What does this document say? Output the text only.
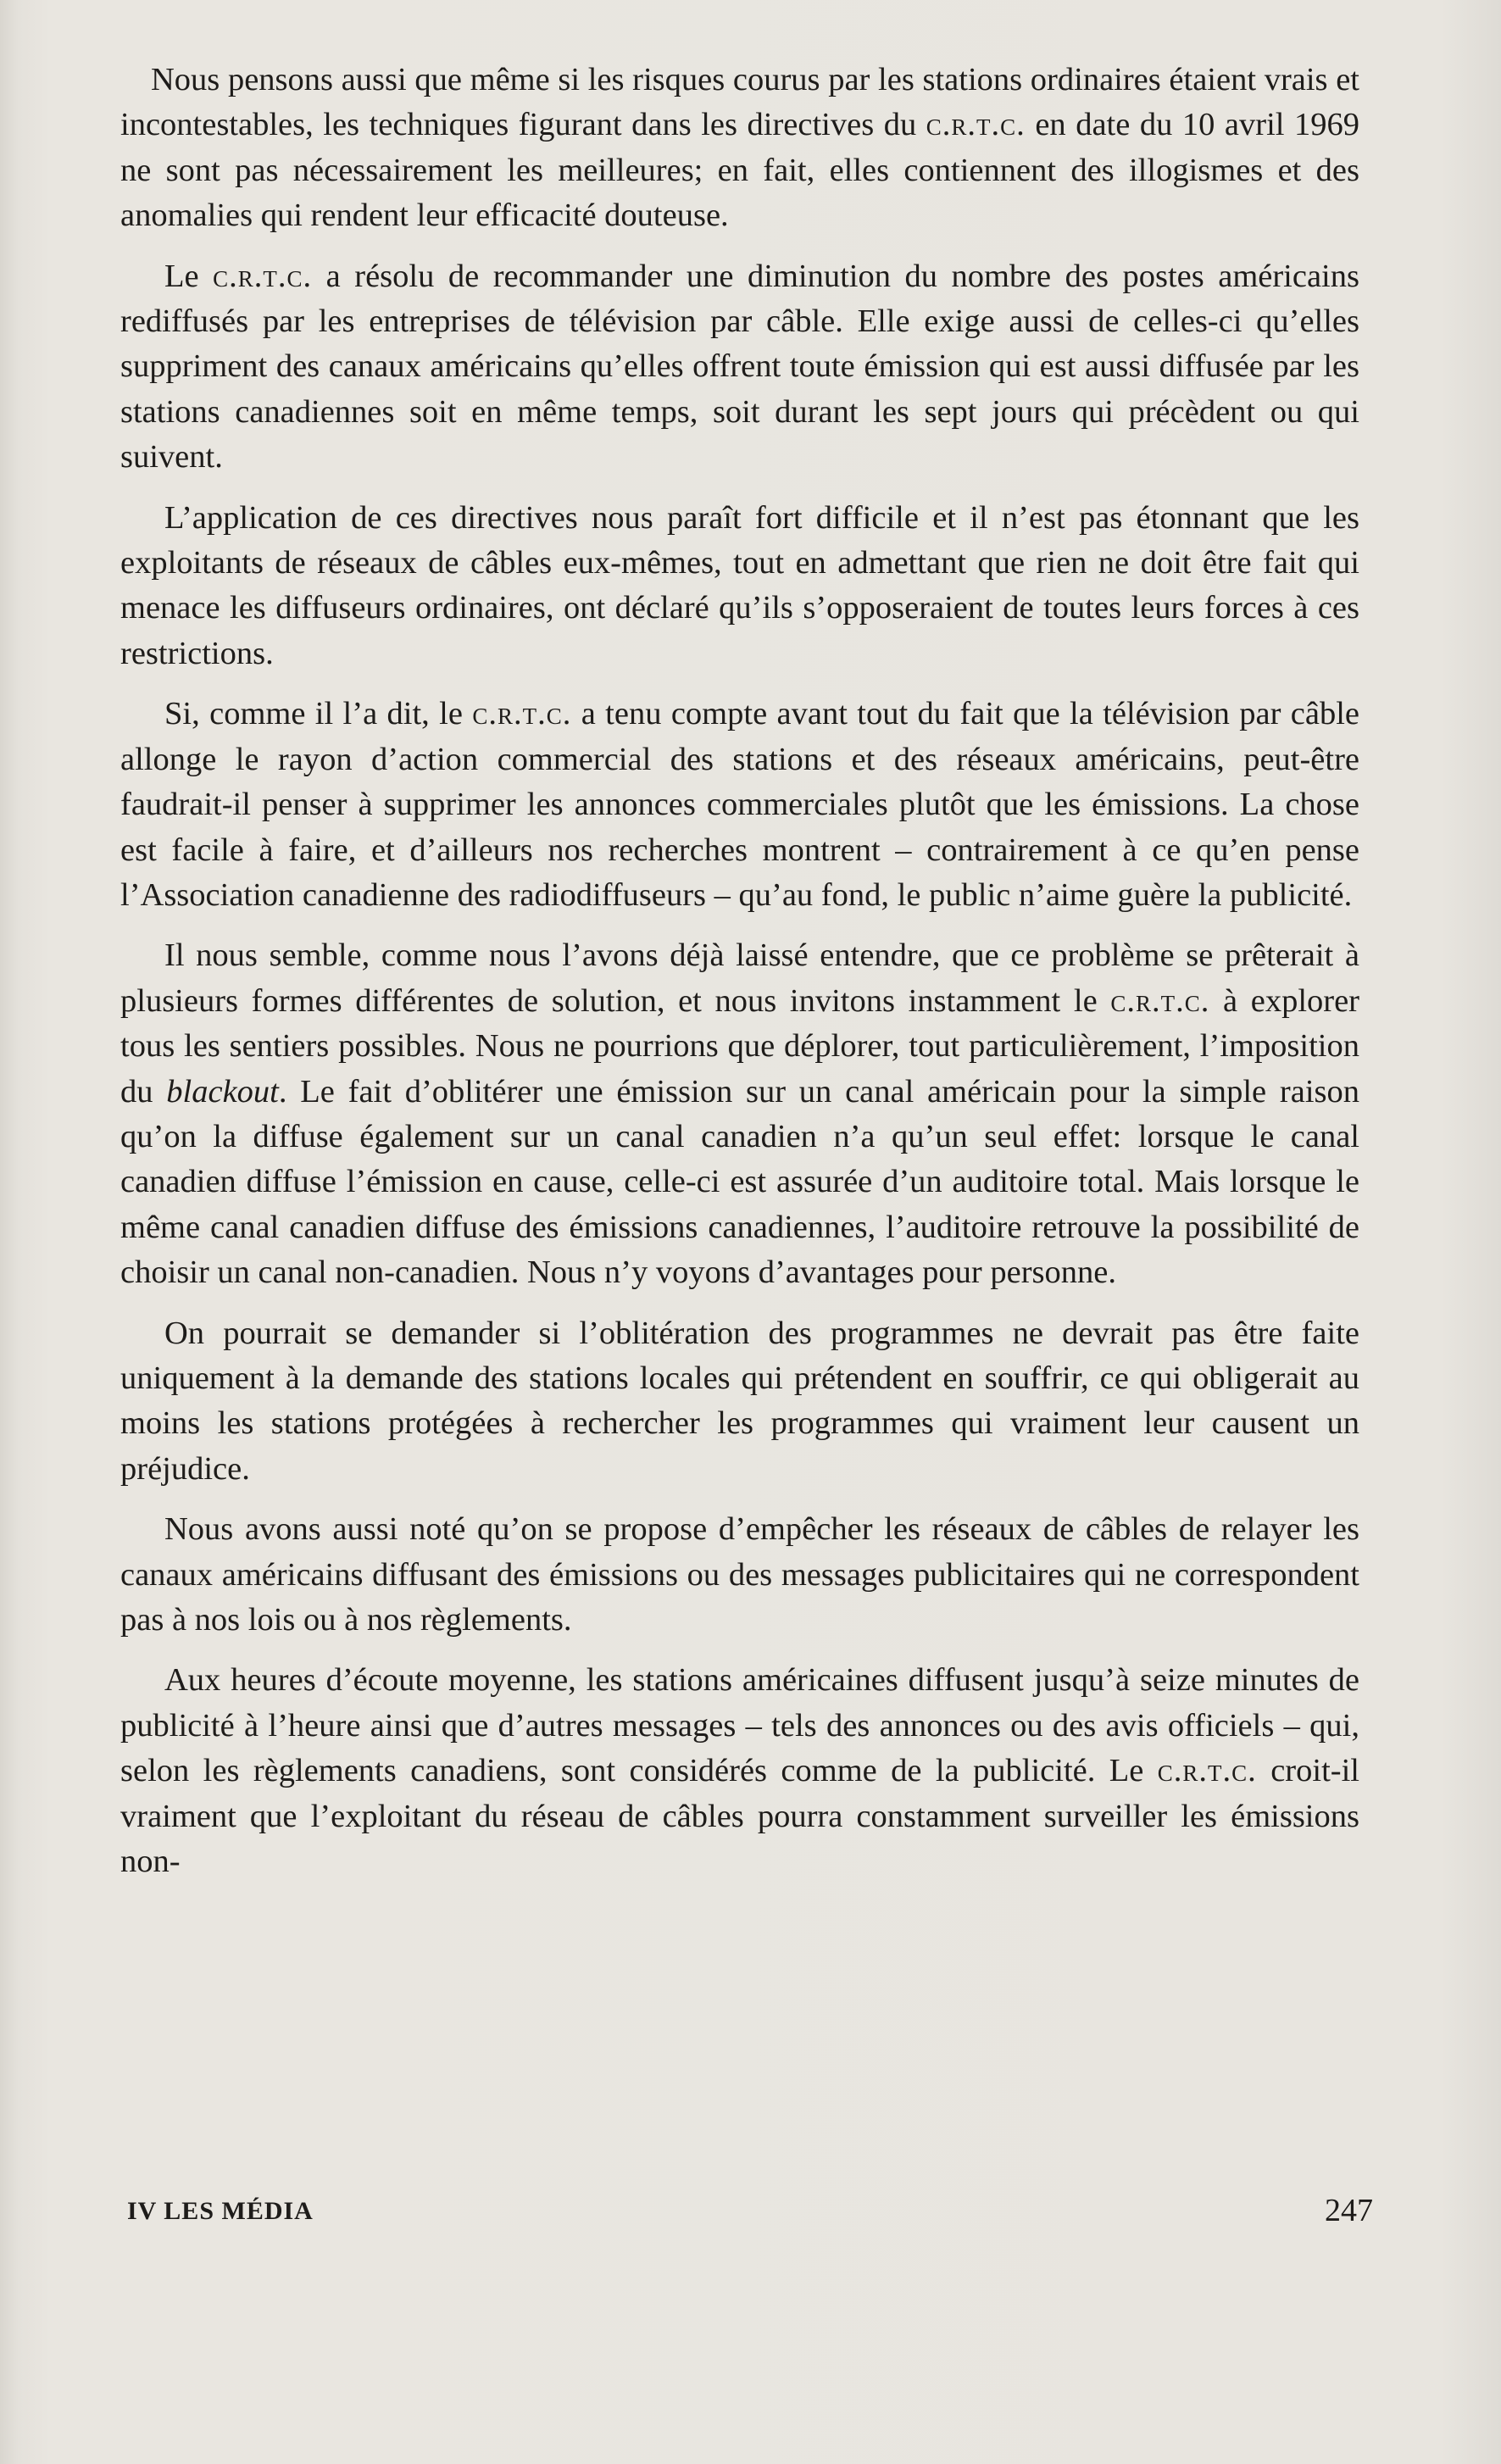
Nous pensons aussi que même si les risques courus par les stations ordinaires étaient vrais et incontestables, les techniques figurant dans les directives du c.r.t.c. en date du 10 avril 1969 ne sont pas nécessairement les meilleures; en fait, elles contiennent des illogismes et des anomalies qui rendent leur efficacité douteuse.

Le c.r.t.c. a résolu de recommander une diminution du nombre des postes américains rediffusés par les entreprises de télévision par câble. Elle exige aussi de celles-ci qu’elles suppriment des canaux américains qu’elles offrent toute émission qui est aussi diffusée par les stations canadiennes soit en même temps, soit durant les sept jours qui précèdent ou qui suivent.

L’application de ces directives nous paraît fort difficile et il n’est pas étonnant que les exploitants de réseaux de câbles eux-mêmes, tout en admettant que rien ne doit être fait qui menace les diffuseurs ordinaires, ont déclaré qu’ils s’opposeraient de toutes leurs forces à ces restrictions.

Si, comme il l’a dit, le c.r.t.c. a tenu compte avant tout du fait que la télévision par câble allonge le rayon d’action commercial des stations et des réseaux américains, peut-être faudrait-il penser à supprimer les annonces commerciales plutôt que les émissions. La chose est facile à faire, et d’ailleurs nos recherches montrent – contrairement à ce qu’en pense l’Association canadienne des radiodiffuseurs – qu’au fond, le public n’aime guère la publicité.

Il nous semble, comme nous l’avons déjà laissé entendre, que ce problème se prêterait à plusieurs formes différentes de solution, et nous invitons instamment le c.r.t.c. à explorer tous les sentiers possibles. Nous ne pourrions que déplorer, tout particulièrement, l’imposition du blackout. Le fait d’oblitérer une émission sur un canal américain pour la simple raison qu’on la diffuse également sur un canal canadien n’a qu’un seul effet: lorsque le canal canadien diffuse l’émission en cause, celle-ci est assurée d’un auditoire total. Mais lorsque le même canal canadien diffuse des émissions canadiennes, l’auditoire retrouve la possibilité de choisir un canal non-canadien. Nous n’y voyons d’avantages pour personne.

On pourrait se demander si l’oblitération des programmes ne devrait pas être faite uniquement à la demande des stations locales qui prétendent en souffrir, ce qui obligerait au moins les stations protégées à rechercher les programmes qui vraiment leur causent un préjudice.

Nous avons aussi noté qu’on se propose d’empêcher les réseaux de câbles de relayer les canaux américains diffusant des émissions ou des messages publicitaires qui ne correspondent pas à nos lois ou à nos règlements.

Aux heures d’écoute moyenne, les stations américaines diffusent jusqu’à seize minutes de publicité à l’heure ainsi que d’autres messages – tels des annonces ou des avis officiels – qui, selon les règlements canadiens, sont considérés comme de la publicité. Le c.r.t.c. croit-il vraiment que l’exploitant du réseau de câbles pourra constamment surveiller les émissions non-

IV LES MÉDIA	247
